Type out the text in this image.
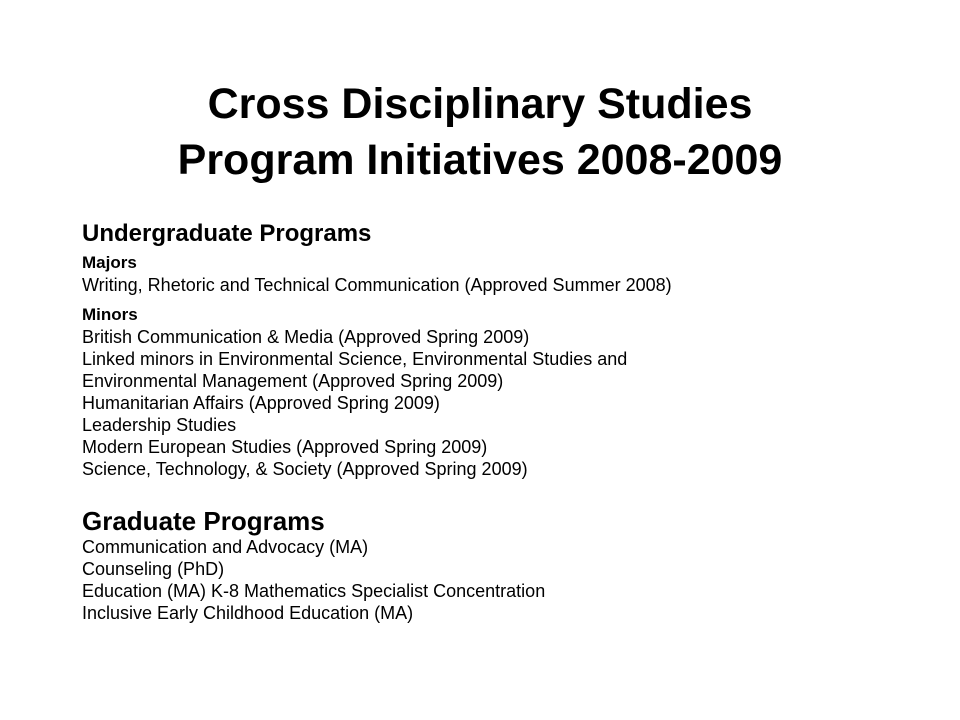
Cross Disciplinary Studies
Program Initiatives 2008-2009
Undergraduate Programs
Majors
Writing, Rhetoric and Technical Communication (Approved Summer 2008)
Minors
British Communication & Media (Approved Spring 2009)
Linked minors in Environmental Science, Environmental Studies and
Environmental Management (Approved Spring 2009)
Humanitarian Affairs (Approved Spring 2009)
Leadership Studies
Modern European Studies (Approved Spring 2009)
Science, Technology, & Society (Approved Spring 2009)
Graduate Programs
Communication and Advocacy (MA)
Counseling (PhD)
Education (MA) K-8 Mathematics Specialist Concentration
Inclusive Early Childhood Education (MA)
